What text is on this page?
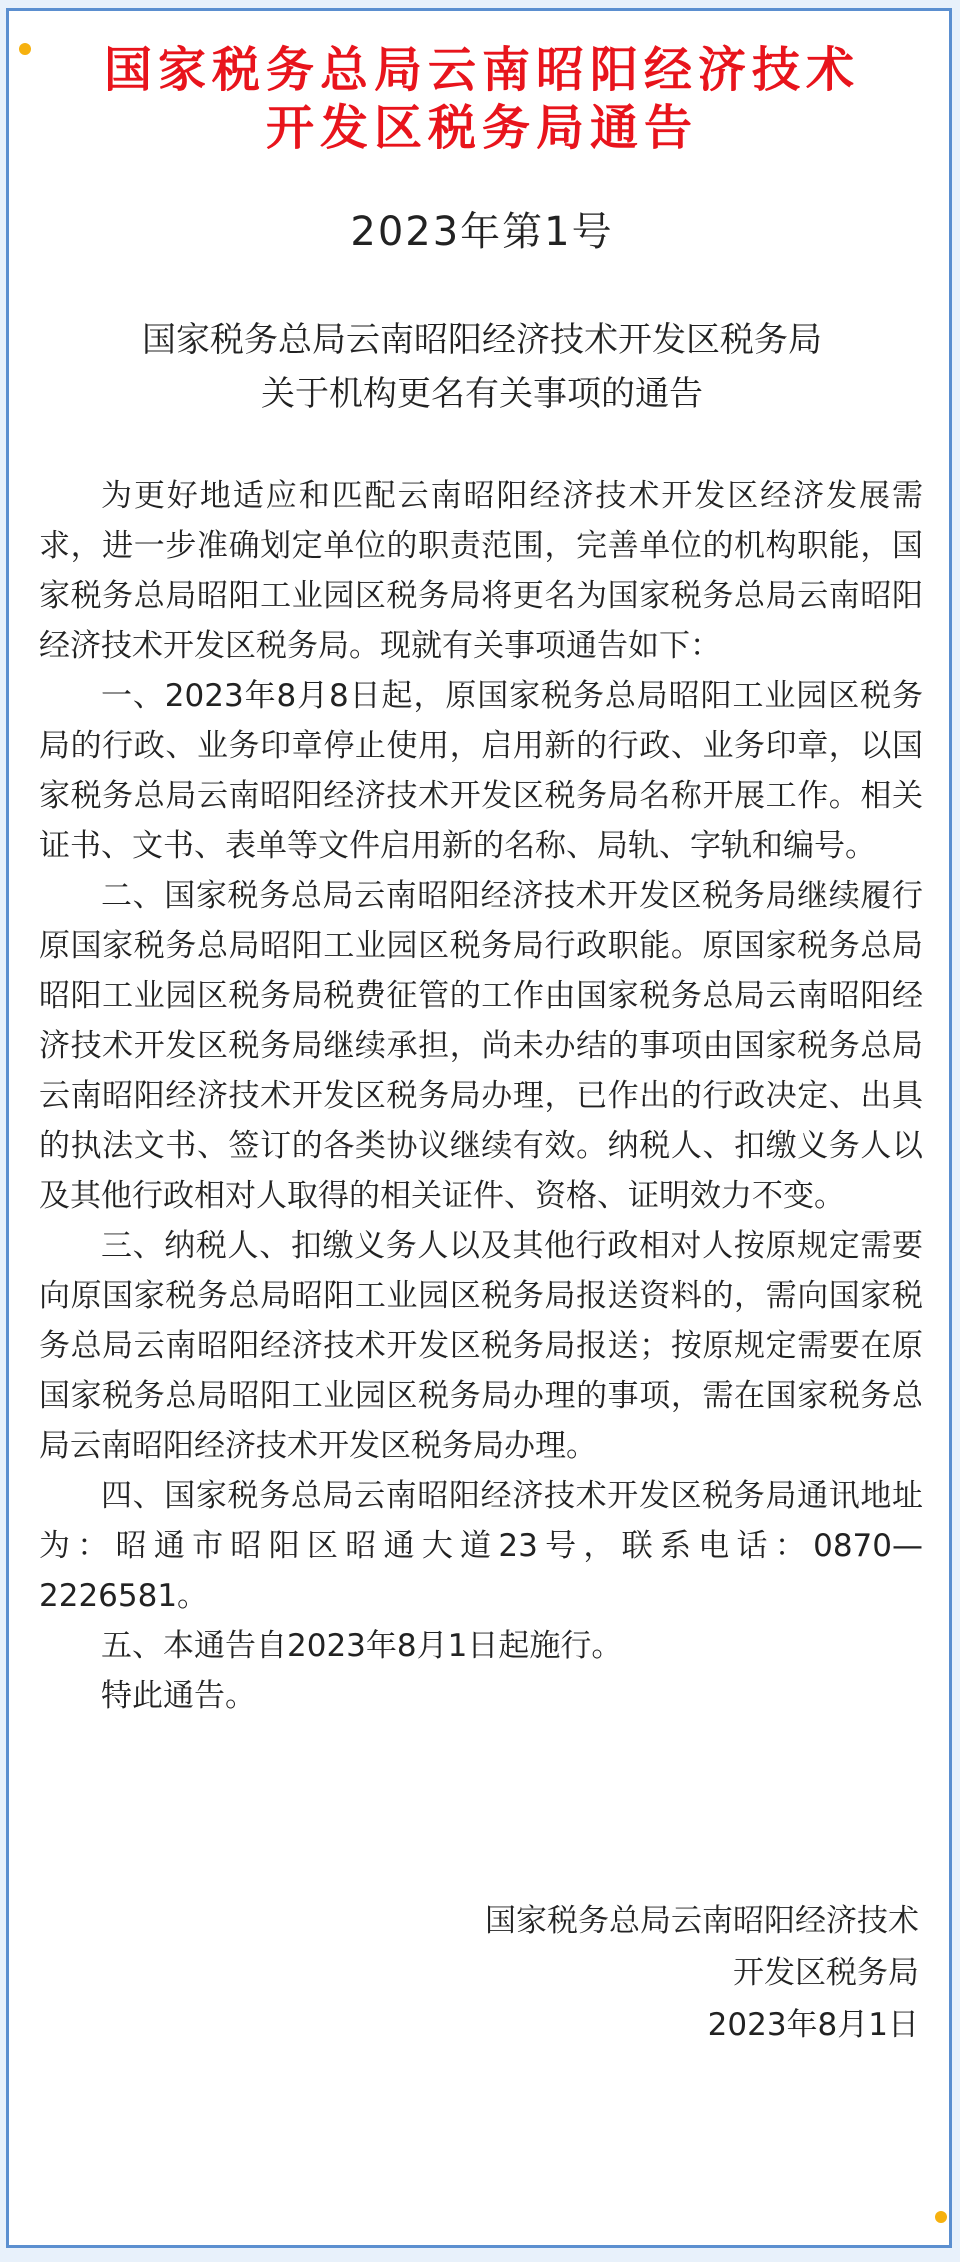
国家税务总局云南昭阳经济技术
开发区税务局通告
2023年第1号
国家税务总局云南昭阳经济技术开发区税务局
关于机构更名有关事项的通告

为更好地适应和匹配云南昭阳经济技术开发区经济发展需求，进一步准确划定单位的职责范围，完善单位的机构职能，国家税务总局昭阳工业园区税务局将更名为国家税务总局云南昭阳经济技术开发区税务局。现就有关事项通告如下：

一、2023年8月8日起，原国家税务总局昭阳工业园区税务局的行政、业务印章停止使用，启用新的行政、业务印章，以国家税务总局云南昭阳经济技术开发区税务局名称开展工作。相关证书、文书、表单等文件启用新的名称、局轨、字轨和编号。

二、国家税务总局云南昭阳经济技术开发区税务局继续履行原国家税务总局昭阳工业园区税务局行政职能。原国家税务总局昭阳工业园区税务局税费征管的工作由国家税务总局云南昭阳经济技术开发区税务局继续承担，尚未办结的事项由国家税务总局云南昭阳经济技术开发区税务局办理，已作出的行政决定、出具的执法文书、签订的各类协议继续有效。纳税人、扣缴义务人以及其他行政相对人取得的相关证件、资格、证明效力不变。

三、纳税人、扣缴义务人以及其他行政相对人按原规定需要向原国家税务总局昭阳工业园区税务局报送资料的，需向国家税务总局云南昭阳经济技术开发区税务局报送；按原规定需要在原国家税务总局昭阳工业园区税务局办理的事项，需在国家税务总局云南昭阳经济技术开发区税务局办理。

四、国家税务总局云南昭阳经济技术开发区税务局通讯地址为：昭通市昭阳区昭通大道23号，联系电话：0870—2226581。

五、本通告自2023年8月1日起施行。

特此通告。

国家税务总局云南昭阳经济技术
开发区税务局
2023年8月1日
